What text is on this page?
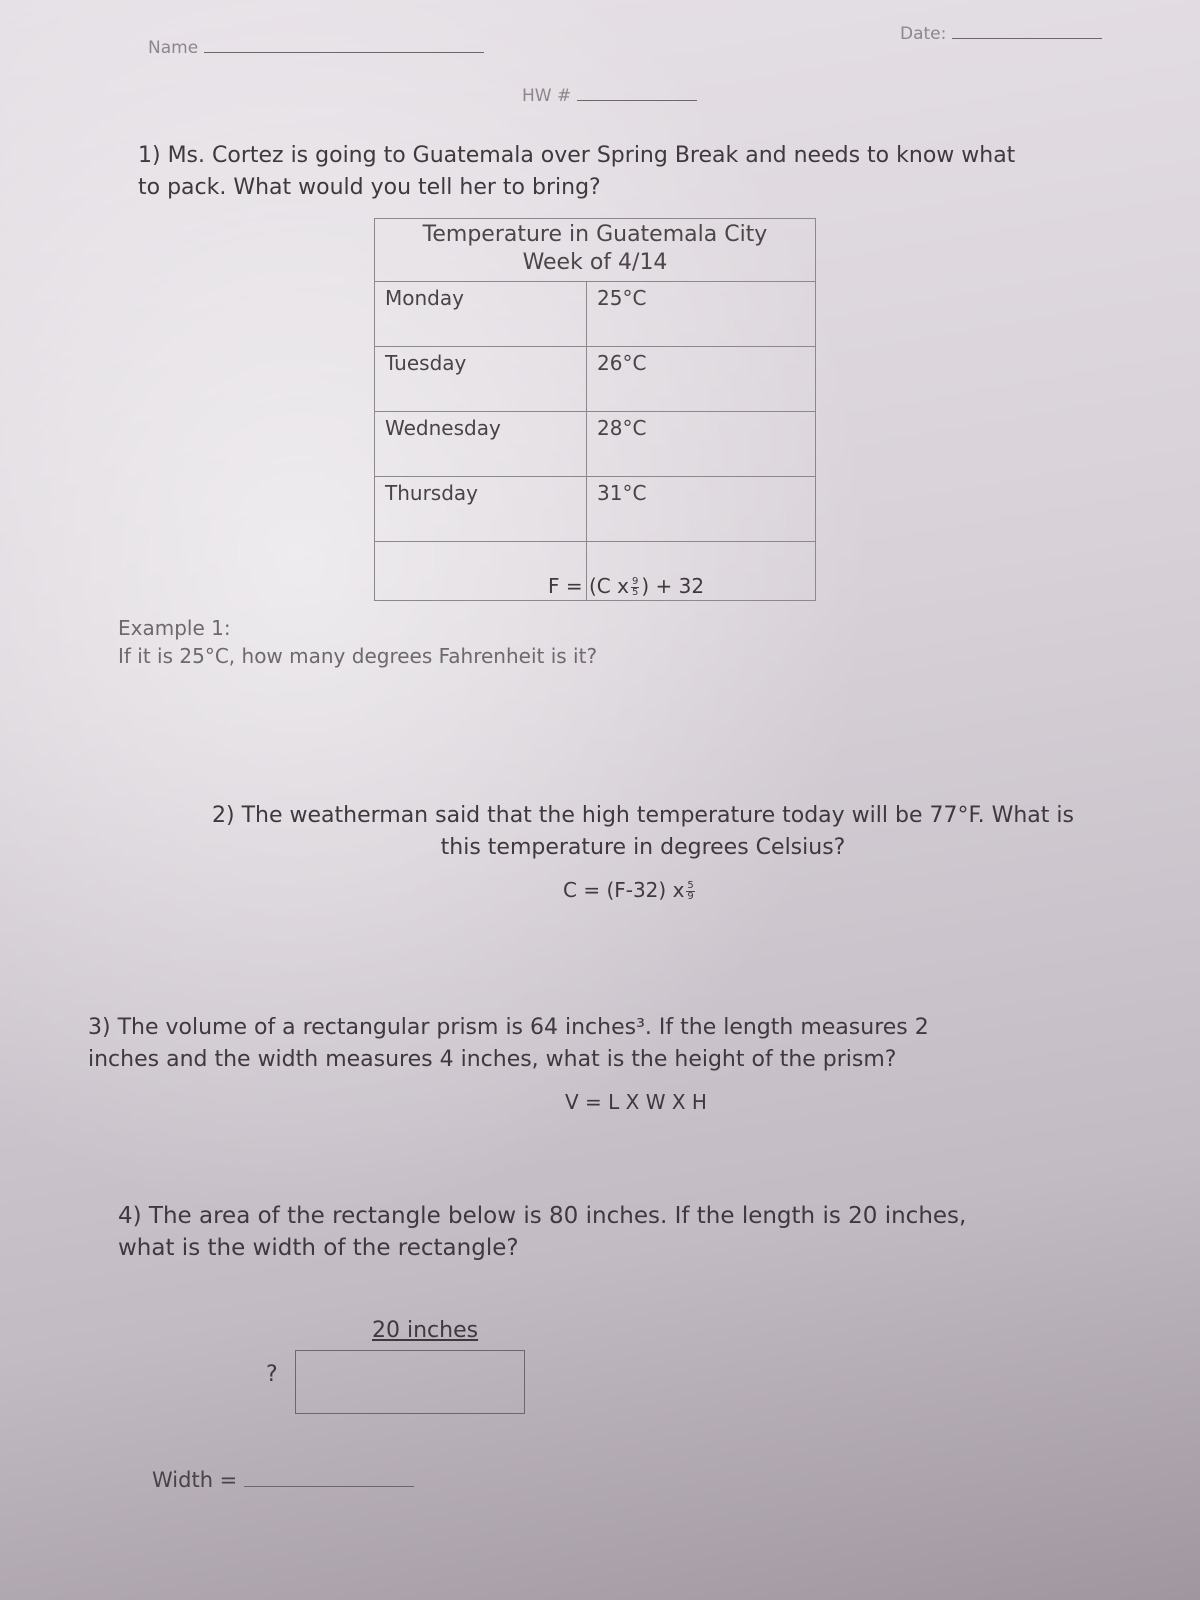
Name
Date:
HW #
1) Ms. Cortez is going to Guatemala over Spring Break and needs to know what
to pack. What would you tell her to bring?
Temperature in Guatemala City
Week of 4/14
Monday	25°C
Tuesday	26°C
Wednesday	28°C
Thursday	31°C
F = (C x $\frac{9}{5}$ ) + 32
Example 1:
If it is 25°C, how many degrees Fahrenheit is it?
2) The weatherman said that the high temperature today will be 77°F. What is
this temperature in degrees Celsius?
C = (F-32) x $\frac{5}{9}$
3) The volume of a rectangular prism is 64 inches³. If the length measures 2
inches and the width measures 4 inches, what is the height of the prism?
V = L X W X H
4) The area of the rectangle below is 80 inches. If the length is 20 inches,
what is the width of the rectangle?
20 inches
?
Width =
